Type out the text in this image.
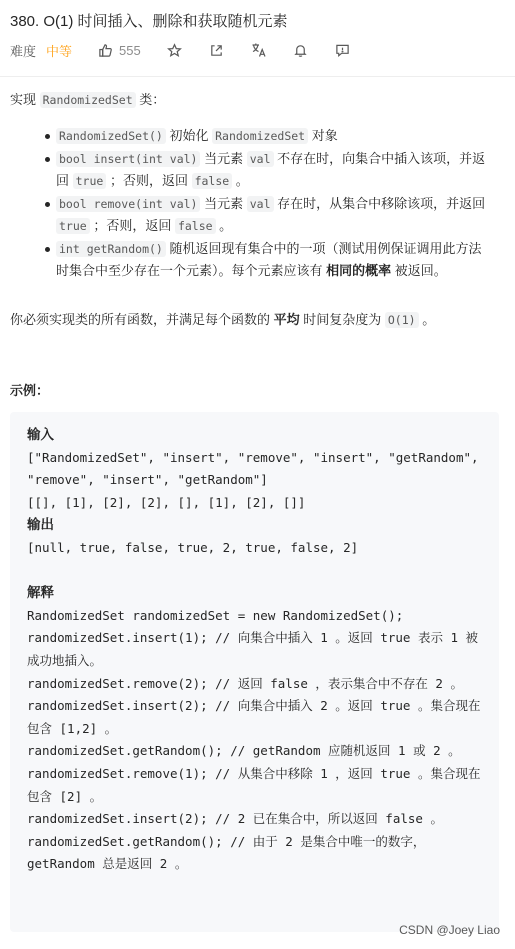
380. O(1) 时间插入、删除和获取随机元素
难度 中等	555
实现 RandomizedSet 类：
RandomizedSet() 初始化 RandomizedSet 对象
bool insert(int val) 当元素 val 不存在时，向集合中插入该项，并返回 true ；否则，返回 false 。
bool remove(int val) 当元素 val 存在时，从集合中移除该项，并返回 true ；否则，返回 false 。
int getRandom() 随机返回现有集合中的一项（测试用例保证调用此方法时集合中至少存在一个元素）。每个元素应该有 相同的概率 被返回。
你必须实现类的所有函数，并满足每个函数的 平均 时间复杂度为 O(1) 。
示例：
输入
["RandomizedSet", "insert", "remove", "insert", "getRandom", "remove", "insert", "getRandom"]
[[], [1], [2], [2], [], [1], [2], []]
输出
[null, true, false, true, 2, true, false, 2]

解释
RandomizedSet randomizedSet = new RandomizedSet();
randomizedSet.insert(1); // 向集合中插入 1 。返回 true 表示 1 被成功地插入。
randomizedSet.remove(2); // 返回 false ，表示集合中不存在 2 。
randomizedSet.insert(2); // 向集合中插入 2 。返回 true 。集合现在包含 [1,2] 。
randomizedSet.getRandom(); // getRandom 应随机返回 1 或 2 。
randomizedSet.remove(1); // 从集合中移除 1 ，返回 true 。集合现在包含 [2] 。
randomizedSet.insert(2); // 2 已在集合中，所以返回 false 。
randomizedSet.getRandom(); // 由于 2 是集合中唯一的数字，getRandom 总是返回 2 。
CSDN @Joey Liao
